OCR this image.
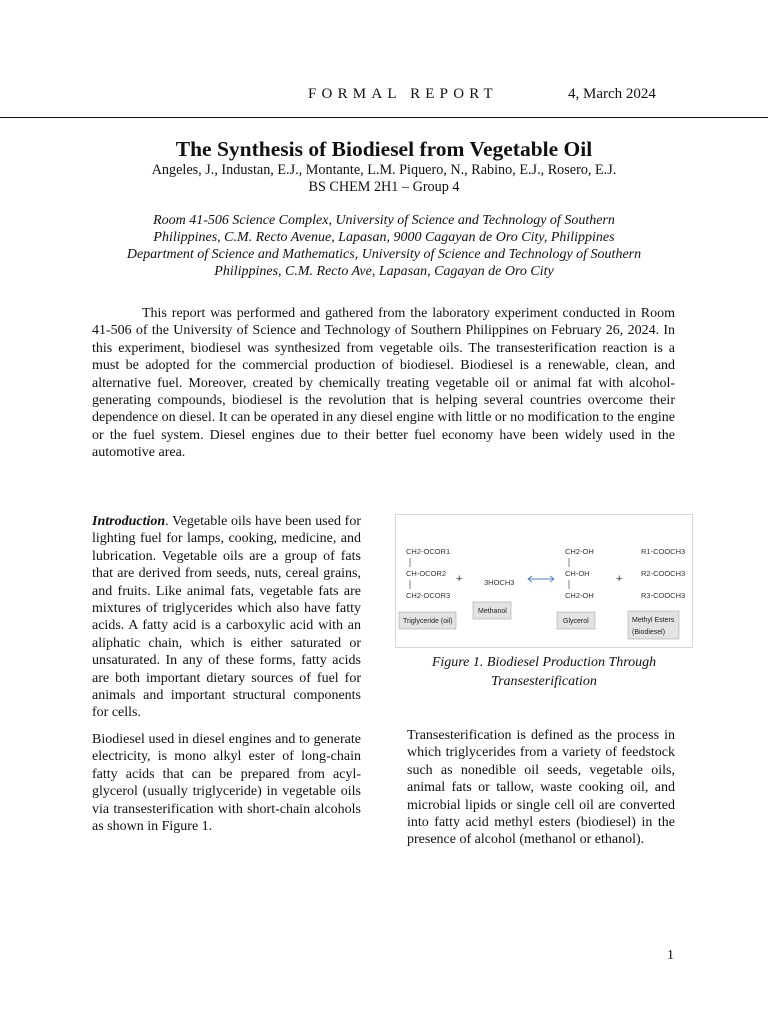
FORMAL REPORT	4, March 2024
The Synthesis of Biodiesel from Vegetable Oil
Angeles, J., Industan, E.J., Montante, L.M. Piquero, N., Rabino, E.J., Rosero, E.J.
BS CHEM 2H1 – Group 4
Room 41-506 Science Complex, University of Science and Technology of Southern
Philippines, C.M. Recto Avenue, Lapasan, 9000 Cagayan de Oro City, Philippines
Department of Science and Mathematics, University of Science and Technology of Southern
Philippines, C.M. Recto Ave, Lapasan, Cagayan de Oro City

This report was performed and gathered from the laboratory experiment conducted in Room 41-506 of the University of Science and Technology of Southern Philippines on February 26, 2024. In this experiment, biodiesel was synthesized from vegetable oils. The transesterification reaction is a must be adopted for the commercial production of biodiesel. Biodiesel is a renewable, clean, and alternative fuel. Moreover, created by chemically treating vegetable oil or animal fat with alcohol-generating compounds, biodiesel is the revolution that is helping several countries overcome their dependence on diesel. It can be operated in any diesel engine with little or no modification to the engine or the fuel system. Diesel engines due to their better fuel economy have been widely used in the automotive area.

Introduction. Vegetable oils have been used for lighting fuel for lamps, cooking, medicine, and lubrication. Vegetable oils are a group of fats that are derived from seeds, nuts, cereal grains, and fruits. Like animal fats, vegetable fats are mixtures of triglycerides which also have fatty acids. A fatty acid is a carboxylic acid with an aliphatic chain, which is either saturated or unsaturated. In any of these forms, fatty acids are both important dietary sources of fuel for animals and important structural components for cells.

Biodiesel used in diesel engines and to generate electricity, is mono alkyl ester of long-chain fatty acids that can be prepared from acyl-glycerol (usually triglyceride) in vegetable oils via transesterification with short-chain alcohols as shown in Figure 1.

CH2-OCOR1
CH-OCOR2
CH2-OCOR3
+	3HOCH3
CH2-OH
CH-OH
CH2-OH
+
R1-COOCH3
R2-COOCH3
R3-COOCH3
Triglyceride (oil)
Methanol
Glycerol	Methyl Esters
(Biodiesel)
Figure 1. Biodiesel Production Through
Transesterification

Transesterification is defined as the process in which triglycerides from a variety of feedstock such as nonedible oil seeds, vegetable oils, animal fats or tallow, waste cooking oil, and microbial lipids or single cell oil are converted into fatty acid methyl esters (biodiesel) in the presence of alcohol (methanol or ethanol).

1
